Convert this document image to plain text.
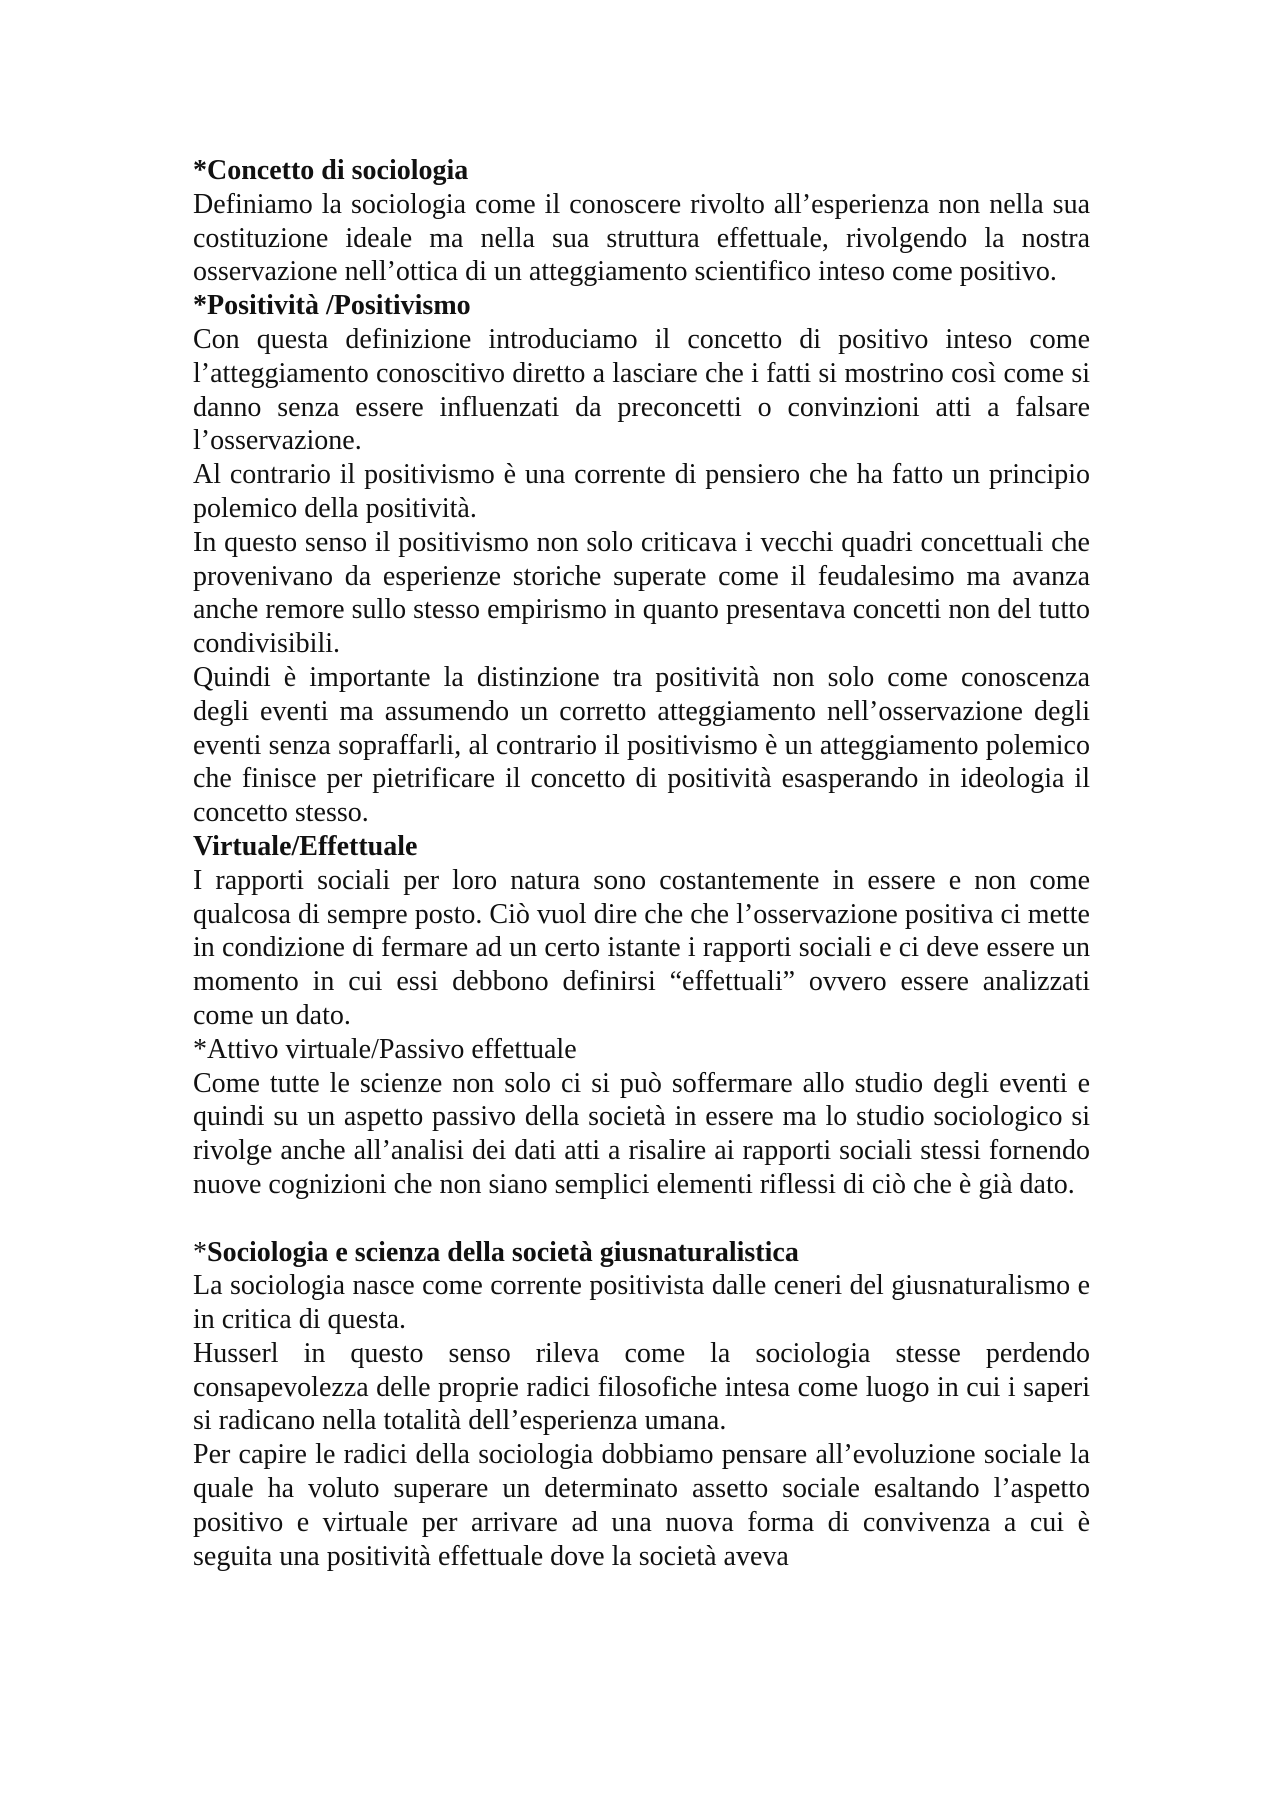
*Concetto di sociologia

Definiamo la sociologia come il conoscere rivolto all’esperienza non nella sua costituzione ideale ma nella sua struttura effettuale, rivolgendo la nostra osservazione nell’ottica di un atteggiamento scientifico inteso come positivo.

*Positività /Positivismo

Con questa definizione introduciamo il concetto di positivo inteso come l’atteggiamento conoscitivo diretto a lasciare che i fatti si mostrino così come si danno senza essere influenzati da preconcetti o convinzioni atti a falsare l’osservazione.

Al contrario il positivismo è una corrente di pensiero che ha fatto un principio polemico della positività.

In questo senso il positivismo non solo criticava i vecchi quadri concettuali che provenivano da esperienze storiche superate come il feudalesimo ma avanza anche remore sullo stesso empirismo in quanto presentava concetti non del tutto condivisibili.

Quindi è importante la distinzione tra positività non solo come conoscenza degli eventi ma assumendo un corretto atteggiamento nell’osservazione degli eventi senza sopraffarli, al contrario il positivismo è un atteggiamento polemico che finisce per pietrificare il concetto di positività esasperando in ideologia il concetto stesso.

Virtuale/Effettuale

I rapporti sociali per loro natura sono costantemente in essere e non come qualcosa di sempre posto. Ciò vuol dire che che l’osservazione positiva ci mette in condizione di fermare ad un certo istante i rapporti sociali e ci deve essere un momento in cui essi debbono definirsi “effettuali” ovvero essere analizzati come un dato.

*Attivo virtuale/Passivo effettuale

Come tutte le scienze non solo ci si può soffermare allo studio degli eventi e quindi su un aspetto passivo della società in essere ma lo studio sociologico si rivolge anche all’analisi dei dati atti a risalire ai rapporti sociali stessi fornendo nuove cognizioni che non siano semplici elementi riflessi di ciò che è già dato.

*Sociologia e scienza della società giusnaturalistica

La sociologia nasce come corrente positivista dalle ceneri del giusnaturalismo e in critica di questa.

Husserl in questo senso rileva come la sociologia stesse perdendo consapevolezza delle proprie radici filosofiche intesa come luogo in cui i saperi si radicano nella totalità dell’esperienza umana.

Per capire le radici della sociologia dobbiamo pensare all’evoluzione sociale la quale ha voluto superare un determinato assetto sociale esaltando l’aspetto positivo e virtuale per arrivare ad una nuova forma di convivenza a cui è seguita una positività effettuale dove la società aveva
